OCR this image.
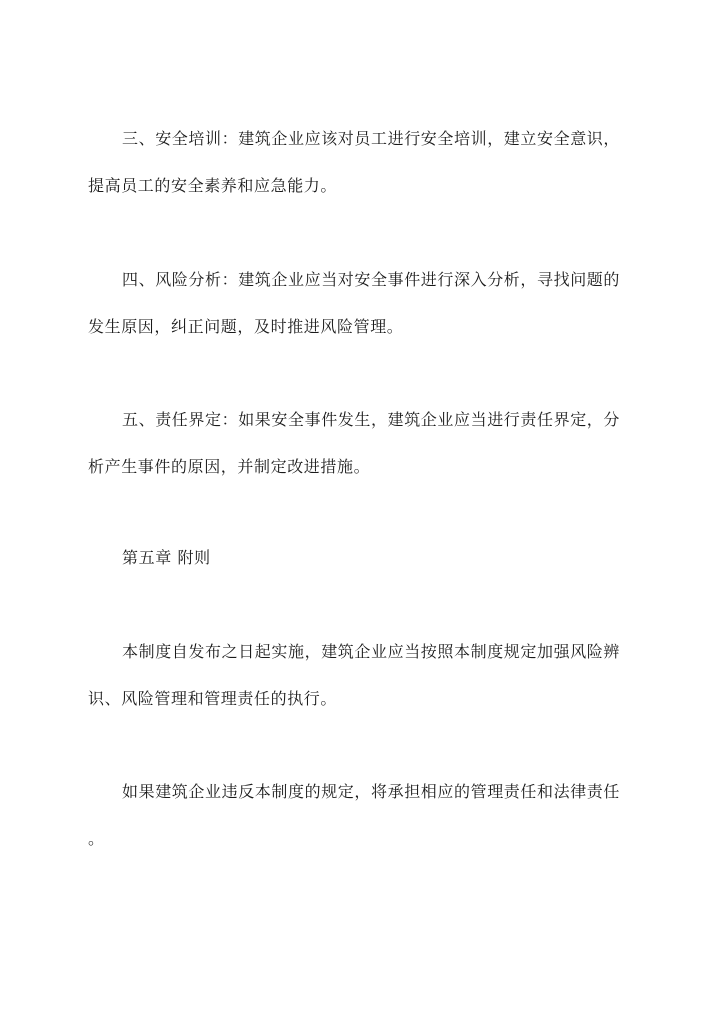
三、安全培训：建筑企业应该对员工进行安全培训，建立安全意识，
提高员工的安全素养和应急能力。

四、风险分析：建筑企业应当对安全事件进行深入分析，寻找问题的
发生原因，纠正问题，及时推进风险管理。

五、责任界定：如果安全事件发生，建筑企业应当进行责任界定，分
析产生事件的原因，并制定改进措施。

第五章 附则

本制度自发布之日起实施，建筑企业应当按照本制度规定加强风险辨
识、风险管理和管理责任的执行。

如果建筑企业违反本制度的规定，将承担相应的管理责任和法律责任
。
